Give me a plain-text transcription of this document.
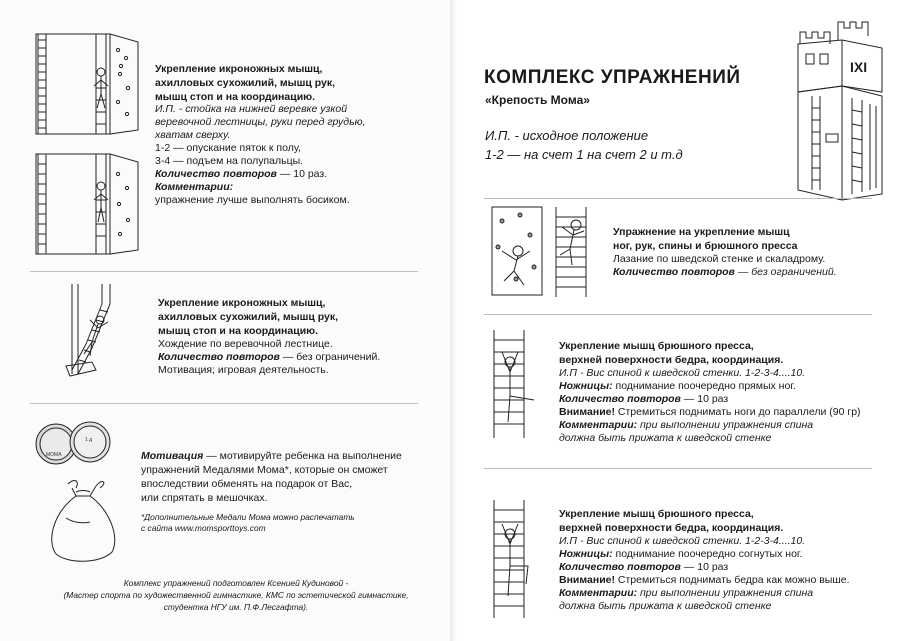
Укрепление икроножных мышц,
ахилловых сухожилий, мышц рук,
мышц стоп и на координацию.
И.П. - стойка на нижней веревке узкой
веревочной лестницы, руки перед грудью,
хватам сверху.
1-2 — опускание пяток к полу,
3-4 — подъем на полупальцы.
Количество повторов — 10 раз.
Комментарии:
упражнение лучше выполнять босиком.
Укрепление икроножных мышц,
ахилловых сухожилий, мышц рук,
мышц стоп и на координацию.
Хождение по веревочной лестнице.
Количество повторов — без ограничений.
Мотивация; игровая деятельность.
МОМА
1 д
Мотивация — мотивируйте ребенка на выполнение
упражнений Медалями Мома*, которые он сможет
впоследствии обменять на подарок от Вас,
или спрятать в мешочках.
*Дополнительные Медали Мома можно распечатать
с сайта www.momsporttoys.com
Комплекс упражнений подготовлен Ксенией Кудиновой -
(Мастер спорта по художественной гимнастике, КМС по эстетической гимнастике,
студентка НГУ им. П.Ф.Лесгафта).
КОМПЛЕКС УПРАЖНЕНИЙ
«Крепость Мома»
И.П. - исходное положение
1-2 — на счет 1 на счет 2 и т.д
IXI
Упражнение на укрепление мышц
ног, рук, спины и брюшного пресса
Лазание по шведской стенке и скаладрому.
Количество повторов — без ограничений.
Укрепление мышц брюшного пресса,
верхней поверхности бедра, координация.
И.П - Вис спиной к шведской стенки. 1-2-3-4....10.
Ножницы: поднимание поочередно прямых ног.
Количество повторов — 10 раз
Внимание! Стремиться поднимать ноги до параллели (90 гр)
Комментарии: при выполнении упражнения спина
должна быть прижата к шведской стенке
Укрепление мышц брюшного пресса,
верхней поверхности бедра, координация.
И.П - Вис спиной к шведской стенки. 1-2-3-4....10.
Ножницы: поднимание поочередно согнутых ног.
Количество повторов — 10 раз
Внимание! Стремиться поднимать бедра как можно выше.
Комментарии: при выполнении упражнения спина
должна быть прижата к шведской стенке
